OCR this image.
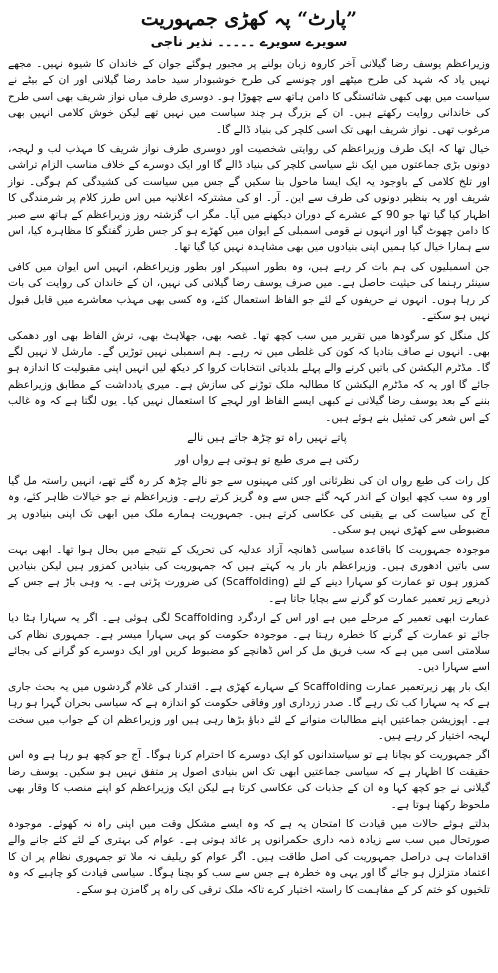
”پارٹ“ پہ کھڑی جمہوریت
سویرے سویرے ۔۔۔۔۔ نذیر ناجی

وزیراعظم یوسف رضا گیلانی آخر کاروہ زبان بولنے پر مجبور ہوگئے جوان کے خاندان کا شیوہ نہیں۔ مجھے نہیں یاد کہ شہد کی طرح میٹھے اور چونسے کی طرح خوشبودار سید حامد رضا گیلانی اور ان کے بیٹے نے سیاست میں بھی کبھی شائستگی کا دامن ہاتھ سے چھوڑا ہو۔ دوسری طرف میاں نواز شریف بھی اسی طرح کی خاندانی روایت رکھتے ہیں۔ ان کے بزرگ ہر چند سیاست میں نہیں تھے لیکن خوش کلامی انہیں بھی مرغوب تھی۔ نواز شریف ابھی تک اسی کلچر کی بنیاد ڈالے گا۔

خیال تھا کہ ایک طرف وزیراعظم کی روایتی شخصیت اور دوسری طرف نواز شریف کا مہذب لب و لہجہ، دونوں بڑی جماعتوں میں ایک نئے سیاسی کلچر کی بنیاد ڈالے گا اور ایک دوسرے کے خلاف مناسب الزام تراشی اور تلخ کلامی کے باوجود یہ ایک ایسا ماحول بنا سکیں گے جس میں سیاست کی کشیدگی کم ہوگی۔ نواز شریف اور یہ بنظیر دونوں کی طرف سے این۔ آر۔ او کی مشترکہ اعلانیہ میں اس طرز کلام پر شرمندگی کا اظہار کیا گیا تھا جو 90 کے عشرے کے دوران دیکھنے میں آیا۔ مگر اب گزشتہ روز وزیراعظم کے ہاتھ سے صبر کا دامن چھوٹ گیا اور انہوں نے قومی اسمبلی کے ایوان میں کھڑے ہو کر جس طرز گفتگو کا مظاہرہ کیا، اس سے ہمارا خیال کیا ہمیں اپنی بنیادوں میں بھی مشاہدہ نہیں کیا گیا تھا۔

جن اسمبلیوں کی ہم بات کر رہے ہیں، وہ بطور اسپیکر اور بطور وزیراعظم، انہیں اس ایوان میں کافی سینئر رہنما کی حیثیت حاصل ہے۔ میں صرف یوسف رضا گیلانی کی نہیں، ان کے خاندان کی روایت کی بات کر رہا ہوں۔ انہوں نے حریفوں کے لئے جو الفاظ استعمال کئے، وہ کسی بھی مہذب معاشرے میں قابل قبول نہیں ہو سکتے۔

کل منگل کو سرگودھا میں تقریر میں سب کچھ تھا۔ غصہ بھی، جھلاہٹ بھی، ترش الفاظ بھی اور دھمکی بھی۔ انہوں نے صاف بتادیا کہ کون کی غلطی میں نہ رہے۔ ہم اسمبلی نہیں توڑیں گے۔ مارشل لا نہیں لگے گا۔ مڈٹرم الیکشن کی باتیں کرنے والے پہلے بلدیاتی انتخابات کروا کر دیکھ لیں انہیں اپنی مقبولیت کا اندازہ ہو جائے گا اور یہ کہ مڈٹرم الیکشن کا مطالبہ ملک توڑنے کی سازش ہے۔ میری یادداشت کے مطابق وزیراعظم بننے کے بعد یوسف رضا گیلانی نے کبھی ایسے الفاظ اور لہجے کا استعمال نہیں کیا۔ یوں لگتا ہے کہ وہ غالب کے اس شعر کی تمثیل بنے ہوئے ہیں۔

پاتے نہیں راہ تو چڑھ جاتے ہیں نالے
رکتی ہے مری طبع تو ہوتی ہے رواں اور

کل رات کی طبع رواں ان کی نظرثانی اور کئی مہینوں سے جو نالے چڑھ کر رہ گئے تھے، انہیں راستہ مل گیا اور وہ سب کچھ ایوان کے اندر کہہ گئے جس سے وہ گریز کرتے رہے۔ وزیراعظم نے جو خیالات ظاہر کئے، وہ آج کی سیاست کی بے یقینی کی عکاسی کرتے ہیں۔ جمہوریت ہمارے ملک میں ابھی تک اپنی بنیادوں پر مضبوطی سے کھڑی نہیں ہو سکی۔

موجودہ جمہوریت کا باقاعدہ سیاسی ڈھانچہ آزاد عدلیہ کی تحریک کے نتیجے میں بحال ہوا تھا۔ ابھی بہت سی باتیں ادھوری ہیں۔ وزیراعظم بار بار یہ کہتے ہیں کہ جمہوریت کی بنیادیں کمزور ہیں لیکن بنیادیں کمزور ہوں تو عمارت کو سہارا دینے کے لئے (Scaffolding) کی ضرورت پڑتی ہے۔ یہ وہی باڑ ہے جس کے ذریعے زیر تعمیر عمارت کو گرنے سے بچایا جاتا ہے۔

عمارت ابھی تعمیر کے مرحلے میں ہے اور اس کے اردگرد Scaffolding لگی ہوئی ہے۔ اگر یہ سہارا ہٹا دیا جائے تو عمارت کے گرنے کا خطرہ رہتا ہے۔ موجودہ حکومت کو یہی سہارا میسر ہے۔ جمہوری نظام کی سلامتی اسی میں ہے کہ سب فریق مل کر اس ڈھانچے کو مضبوط کریں اور ایک دوسرے کو گرانے کی بجائے اسے سہارا دیں۔

ایک بار پھر زیرتعمیر عمارت Scaffolding کے سہارے کھڑی ہے۔ اقتدار کی غلام گردشوں میں یہ بحث جاری ہے کہ یہ سہارا کب تک رہے گا۔ صدر زرداری اور وفاقی حکومت کو اندازہ ہے کہ سیاسی بحران گہرا ہو رہا ہے۔ اپوزیشن جماعتیں اپنے مطالبات منوانے کے لئے دباؤ بڑھا رہی ہیں اور وزیراعظم ان کے جواب میں سخت لہجہ اختیار کر رہے ہیں۔

اگر جمہوریت کو بچانا ہے تو سیاستدانوں کو ایک دوسرے کا احترام کرنا ہوگا۔ آج جو کچھ ہو رہا ہے وہ اس حقیقت کا اظہار ہے کہ سیاسی جماعتیں ابھی تک اس بنیادی اصول پر متفق نہیں ہو سکیں۔ یوسف رضا گیلانی نے جو کچھ کہا وہ ان کے جذبات کی عکاسی کرتا ہے لیکن ایک وزیراعظم کو اپنے منصب کا وقار بھی ملحوظ رکھنا ہوتا ہے۔

بدلتے ہوئے حالات میں قیادت کا امتحان یہ ہے کہ وہ ایسے مشکل وقت میں اپنی راہ نہ کھوئے۔ موجودہ صورتحال میں سب سے زیادہ ذمہ داری حکمرانوں پر عائد ہوتی ہے۔ عوام کی بہتری کے لئے کئے جانے والے اقدامات ہی دراصل جمہوریت کی اصل طاقت ہیں۔ اگر عوام کو ریلیف نہ ملا تو جمہوری نظام پر ان کا اعتماد متزلزل ہو جائے گا اور یہی وہ خطرہ ہے جس سے سب کو بچنا ہوگا۔ سیاسی قیادت کو چاہیے کہ وہ تلخیوں کو ختم کر کے مفاہمت کا راستہ اختیار کرے تاکہ ملک ترقی کی راہ پر گامزن ہو سکے۔
